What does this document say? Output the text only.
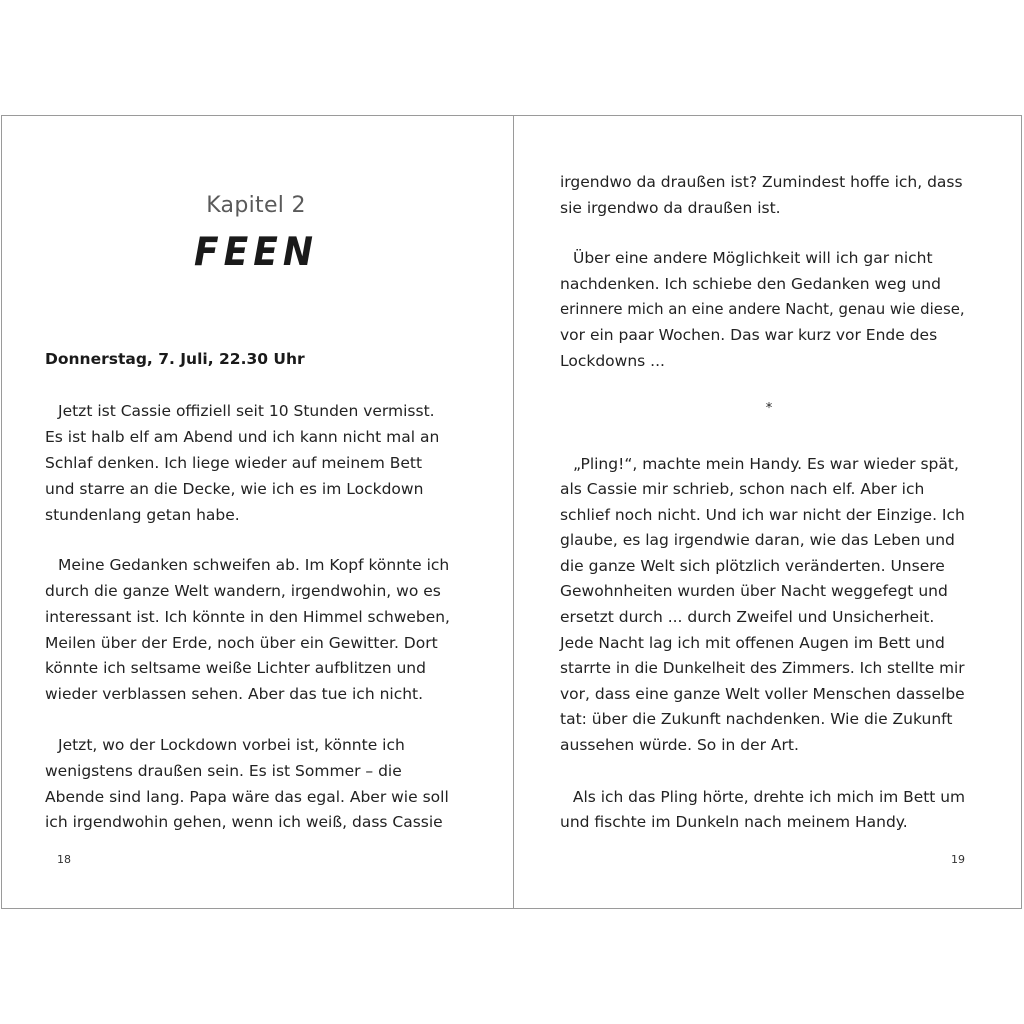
Kapitel 2
FEEN
Donnerstag, 7. Juli, 22.30 Uhr
Jetzt ist Cassie offiziell seit 10 Stunden vermisst.
Es ist halb elf am Abend und ich kann nicht mal an
Schlaf denken. Ich liege wieder auf meinem Bett
und starre an die Decke, wie ich es im Lockdown
stundenlang getan habe.
Meine Gedanken schweifen ab. Im Kopf könnte ich
durch die ganze Welt wandern, irgendwohin, wo es
interessant ist. Ich könnte in den Himmel schweben,
Meilen über der Erde, noch über ein Gewitter. Dort
könnte ich seltsame weiße Lichter aufblitzen und
wieder verblassen sehen. Aber das tue ich nicht.
Jetzt, wo der Lockdown vorbei ist, könnte ich
wenigstens draußen sein. Es ist Sommer – die
Abende sind lang. Papa wäre das egal. Aber wie soll
ich irgendwohin gehen, wenn ich weiß, dass Cassie
18
irgendwo da draußen ist? Zumindest hoffe ich, dass
sie irgendwo da draußen ist.
Über eine andere Möglichkeit will ich gar nicht
nachdenken. Ich schiebe den Gedanken weg und
erinnere mich an eine andere Nacht, genau wie diese,
vor ein paar Wochen. Das war kurz vor Ende des
Lockdowns ...
*
„Pling!“, machte mein Handy. Es war wieder spät,
als Cassie mir schrieb, schon nach elf. Aber ich
schlief noch nicht. Und ich war nicht der Einzige. Ich
glaube, es lag irgendwie daran, wie das Leben und
die ganze Welt sich plötzlich veränderten. Unsere
Gewohnheiten wurden über Nacht weggefegt und
ersetzt durch ... durch Zweifel und Unsicherheit.
Jede Nacht lag ich mit offenen Augen im Bett und
starrte in die Dunkelheit des Zimmers. Ich stellte mir
vor, dass eine ganze Welt voller Menschen dasselbe
tat: über die Zukunft nachdenken. Wie die Zukunft
aussehen würde. So in der Art.
Als ich das Pling hörte, drehte ich mich im Bett um
und fischte im Dunkeln nach meinem Handy.
19
